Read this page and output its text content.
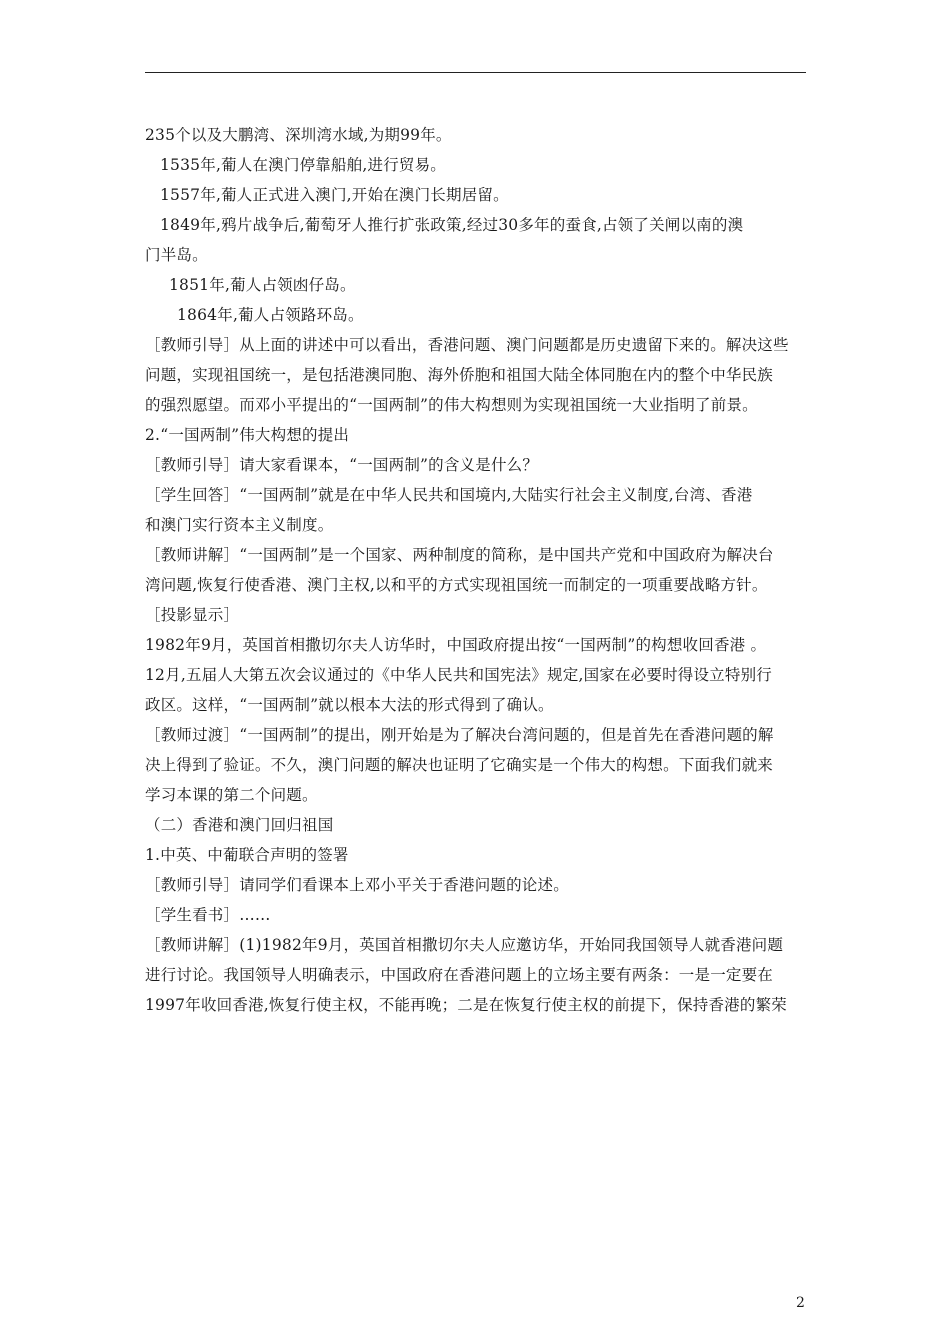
235个以及大鹏湾、深圳湾水域,为期99年。
1535年,葡人在澳门停靠船舶,进行贸易。
1557年,葡人正式进入澳门,开始在澳门长期居留。
1849年,鸦片战争后,葡萄牙人推行扩张政策,经过30多年的蚕食,占领了关闸以南的澳
门半岛。
1851年,葡人占领凼仔岛。
1864年,葡人占领路环岛。
［教师引导］从上面的讲述中可以看出，香港问题、澳门问题都是历史遗留下来的。解决这些
问题，实现祖国统一，是包括港澳同胞、海外侨胞和祖国大陆全体同胞在内的整个中华民族
的强烈愿望。而邓小平提出的“一国两制”的伟大构想则为实现祖国统一大业指明了前景。
2.“一国两制”伟大构想的提出
［教师引导］请大家看课本，“一国两制”的含义是什么？
［学生回答］“一国两制”就是在中华人民共和国境内,大陆实行社会主义制度,台湾、香港
和澳门实行资本主义制度。
［教师讲解］“一国两制”是一个国家、两种制度的简称，是中国共产党和中国政府为解决台
湾问题,恢复行使香港、澳门主权,以和平的方式实现祖国统一而制定的一项重要战略方针。
［投影显示］
1982年9月，英国首相撒切尔夫人访华时，中国政府提出按“一国两制”的构想收回香港 。
12月,五届人大第五次会议通过的《中华人民共和国宪法》规定,国家在必要时得设立特别行
政区。这样，“一国两制”就以根本大法的形式得到了确认。
［教师过渡］“一国两制”的提出，刚开始是为了解决台湾问题的，但是首先在香港问题的解
决上得到了验证。不久，澳门问题的解决也证明了它确实是一个伟大的构想。下面我们就来
学习本课的第二个问题。
（二）香港和澳门回归祖国
1.中英、中葡联合声明的签署
［教师引导］请同学们看课本上邓小平关于香港问题的论述。
［学生看书］……
［教师讲解］(1)1982年9月，英国首相撒切尔夫人应邀访华，开始同我国领导人就香港问题
进行讨论。我国领导人明确表示，中国政府在香港问题上的立场主要有两条：一是一定要在
1997年收回香港,恢复行使主权，不能再晚；二是在恢复行使主权的前提下，保持香港的繁荣
2
